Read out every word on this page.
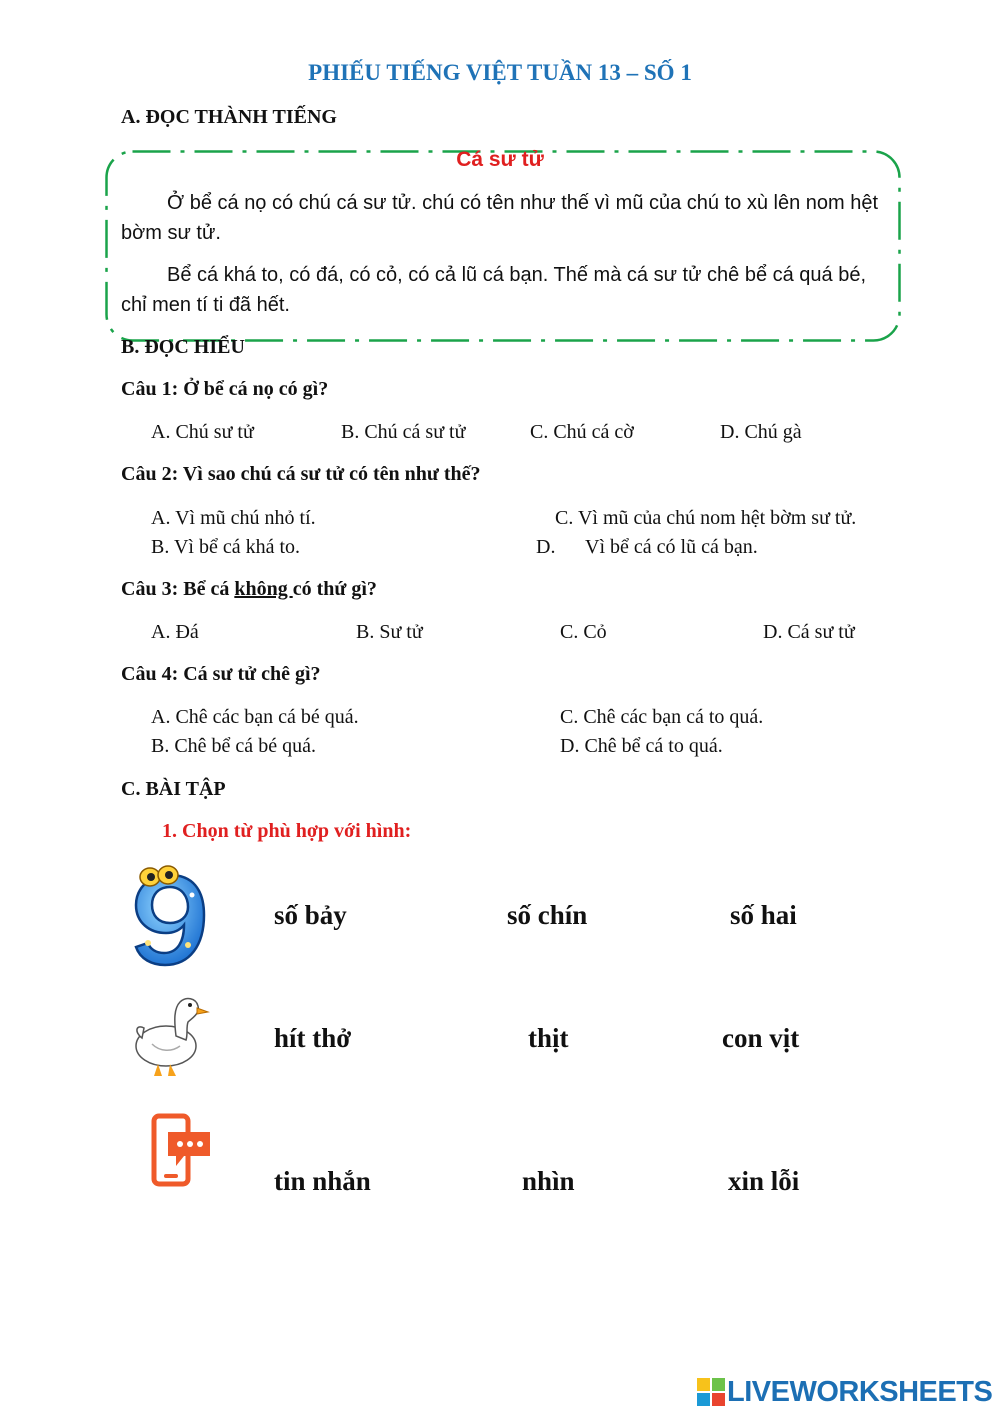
PHIẾU TIẾNG VIỆT TUẦN 13 – SỐ 1
A. ĐỌC THÀNH TIẾNG
Cá sư tử
Ở bể cá nọ có chú cá sư tử. chú có tên như thế vì mũ của chú to xù lên nom hệt bờm sư tử.
Bể cá khá to, có đá, có cỏ, có cả lũ cá bạn. Thế mà cá sư tử chê bể cá quá bé, chỉ men tí ti đã hết.
B. ĐỌC HIỂU
Câu 1: Ở bể cá nọ có gì?
A. Chú sư tử	B. Chú cá sư tử	C. Chú cá cờ	D. Chú gà
Câu 2: Vì sao chú cá sư tử có tên như thế?
A. Vì mũ chú nhỏ tí.	C. Vì mũ của chú nom hệt bờm sư tử.
B. Vì bể cá khá to.	D. Vì bể cá có lũ cá bạn.
Câu 3: Bể cá không có thứ gì?
A. Đá	B. Sư tử	C. Cỏ	D. Cá sư tử
Câu 4: Cá sư tử chê gì?
A. Chê các bạn cá bé quá.	C. Chê các bạn cá to quá.
B. Chê bể cá bé quá.	D. Chê bể cá to quá.
C. BÀI TẬP
1. Chọn từ phù hợp với hình:
số bảy	số chín	số hai
hít thở	thịt	con vịt
tin nhắn	nhìn	xin lỗi
LIVEWORKSHEETS
